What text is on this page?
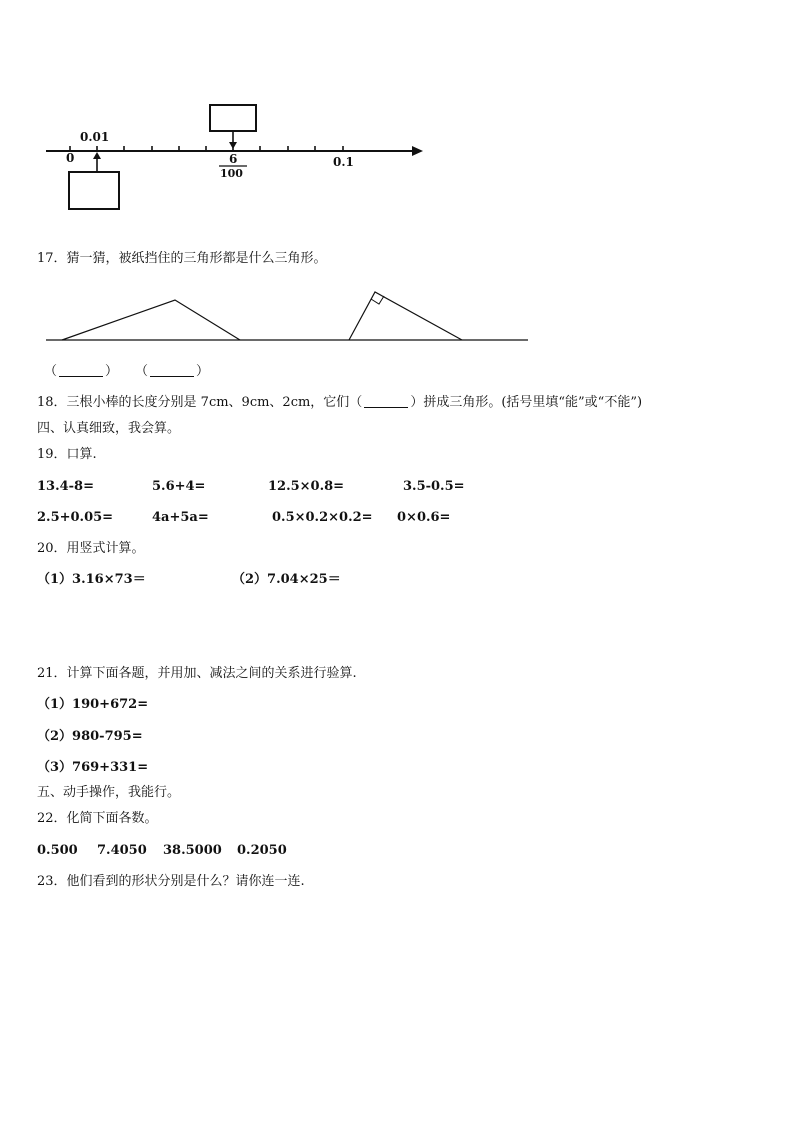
0.01
0	6
100
0.1
17．猜一猜，被纸挡住的三角形都是什么三角形。
（	） （	）
18．三根小棒的长度分别是 7cm、9cm、2cm，它们（	）拼成三角形。(括号里填“能”或“不能”)
四、认真细致，我会算。
19．口算.
13.4-8=	5.6+4=	12.5×0.8=	3.5-0.5=
2.5+0.05=	4a+5a=	0.5×0.2×0.2= 0×0.6=
20．用竖式计算。
（1）3.16×73＝	（2）7.04×25＝
21．计算下面各题，并用加、减法之间的关系进行验算.
（1）190+672=
（2）980-795=
（3）769+331=
五、动手操作，我能行。
22．化简下面各数。
0.500 7.4050 38.5000 0.2050
23．他们看到的形状分别是什么？请你连一连.
